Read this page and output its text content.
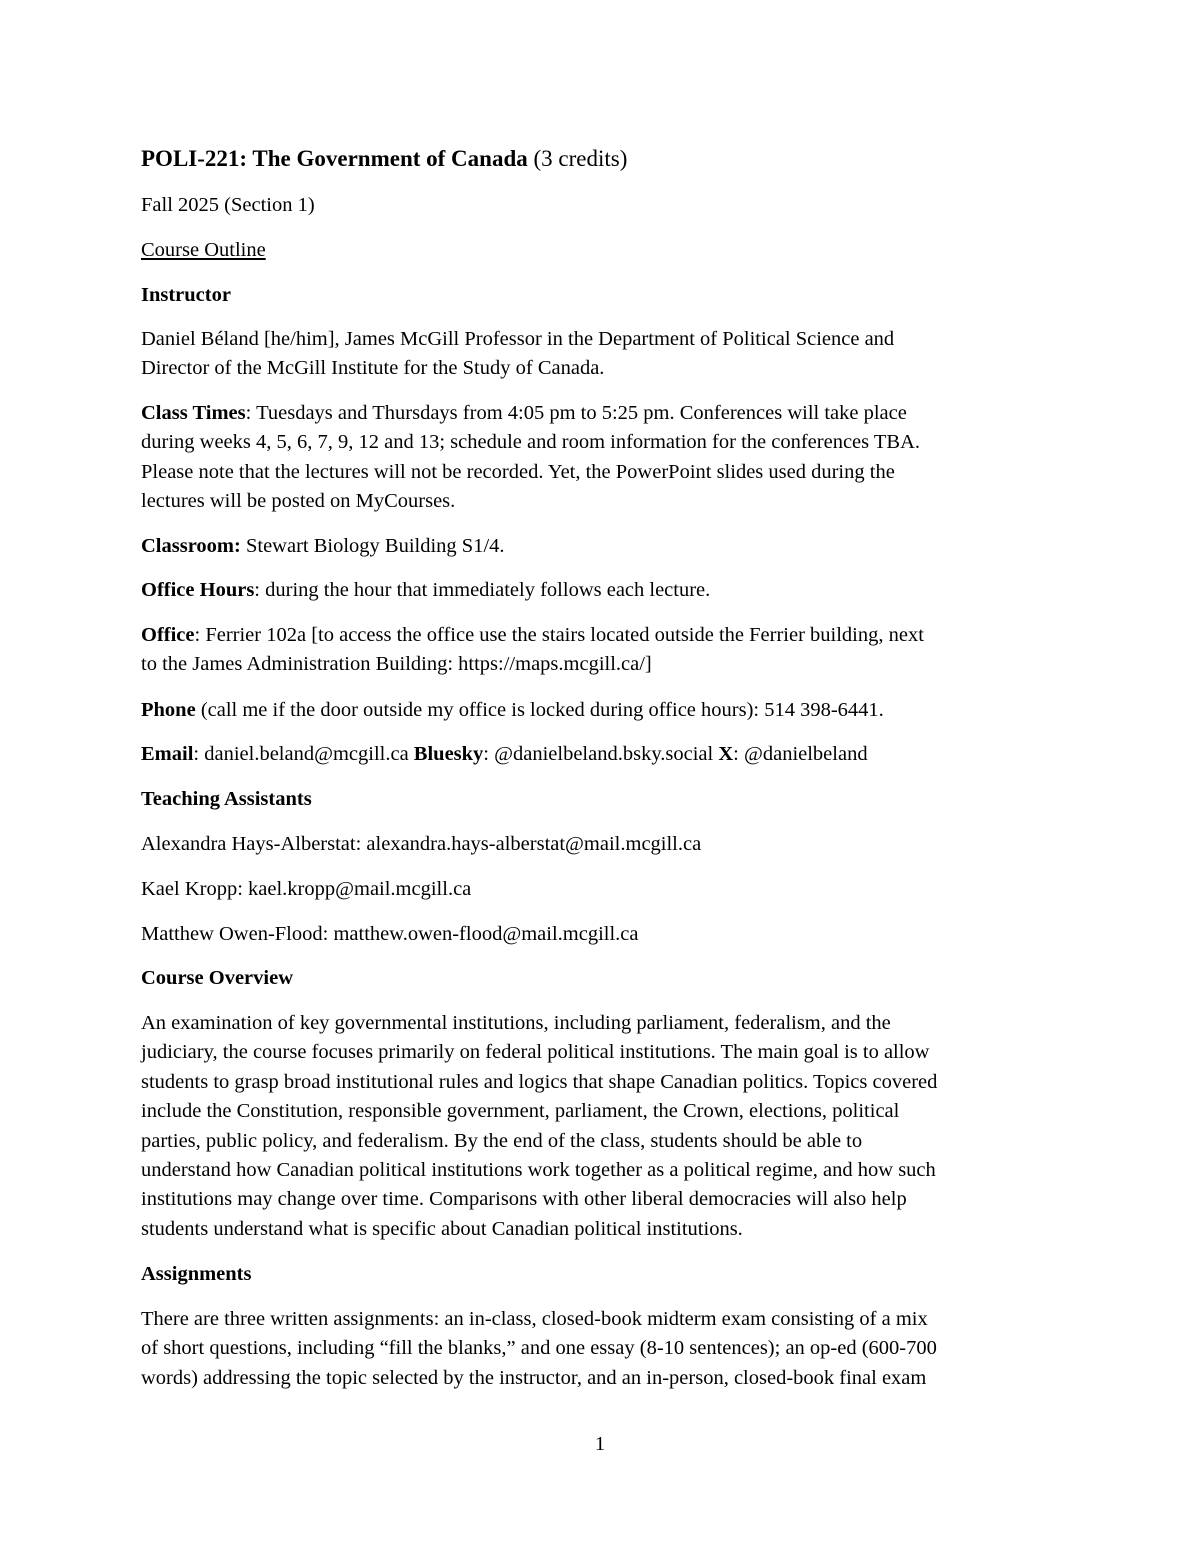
POLI-221: The Government of Canada (3 credits)

Fall 2025 (Section 1)

Course Outline

Instructor

Daniel Béland [he/him], James McGill Professor in the Department of Political Science and
Director of the McGill Institute for the Study of Canada.

Class Times: Tuesdays and Thursdays from 4:05 pm to 5:25 pm. Conferences will take place
during weeks 4, 5, 6, 7, 9, 12 and 13; schedule and room information for the conferences TBA.
Please note that the lectures will not be recorded. Yet, the PowerPoint slides used during the
lectures will be posted on MyCourses.

Classroom: Stewart Biology Building S1/4.

Office Hours: during the hour that immediately follows each lecture.

Office: Ferrier 102a [to access the office use the stairs located outside the Ferrier building, next
to the James Administration Building: https://maps.mcgill.ca/]

Phone (call me if the door outside my office is locked during office hours): 514 398-6441.

Email: daniel.beland@mcgill.ca Bluesky: @danielbeland.bsky.social X: @danielbeland

Teaching Assistants

Alexandra Hays-Alberstat: alexandra.hays-alberstat@mail.mcgill.ca

Kael Kropp: kael.kropp@mail.mcgill.ca

Matthew Owen-Flood: matthew.owen-flood@mail.mcgill.ca

Course Overview

An examination of key governmental institutions, including parliament, federalism, and the
judiciary, the course focuses primarily on federal political institutions. The main goal is to allow
students to grasp broad institutional rules and logics that shape Canadian politics. Topics covered
include the Constitution, responsible government, parliament, the Crown, elections, political
parties, public policy, and federalism. By the end of the class, students should be able to
understand how Canadian political institutions work together as a political regime, and how such
institutions may change over time. Comparisons with other liberal democracies will also help
students understand what is specific about Canadian political institutions.

Assignments

There are three written assignments: an in-class, closed-book midterm exam consisting of a mix
of short questions, including “fill the blanks,” and one essay (8-10 sentences); an op-ed (600-700
words) addressing the topic selected by the instructor, and an in-person, closed-book final exam

1
